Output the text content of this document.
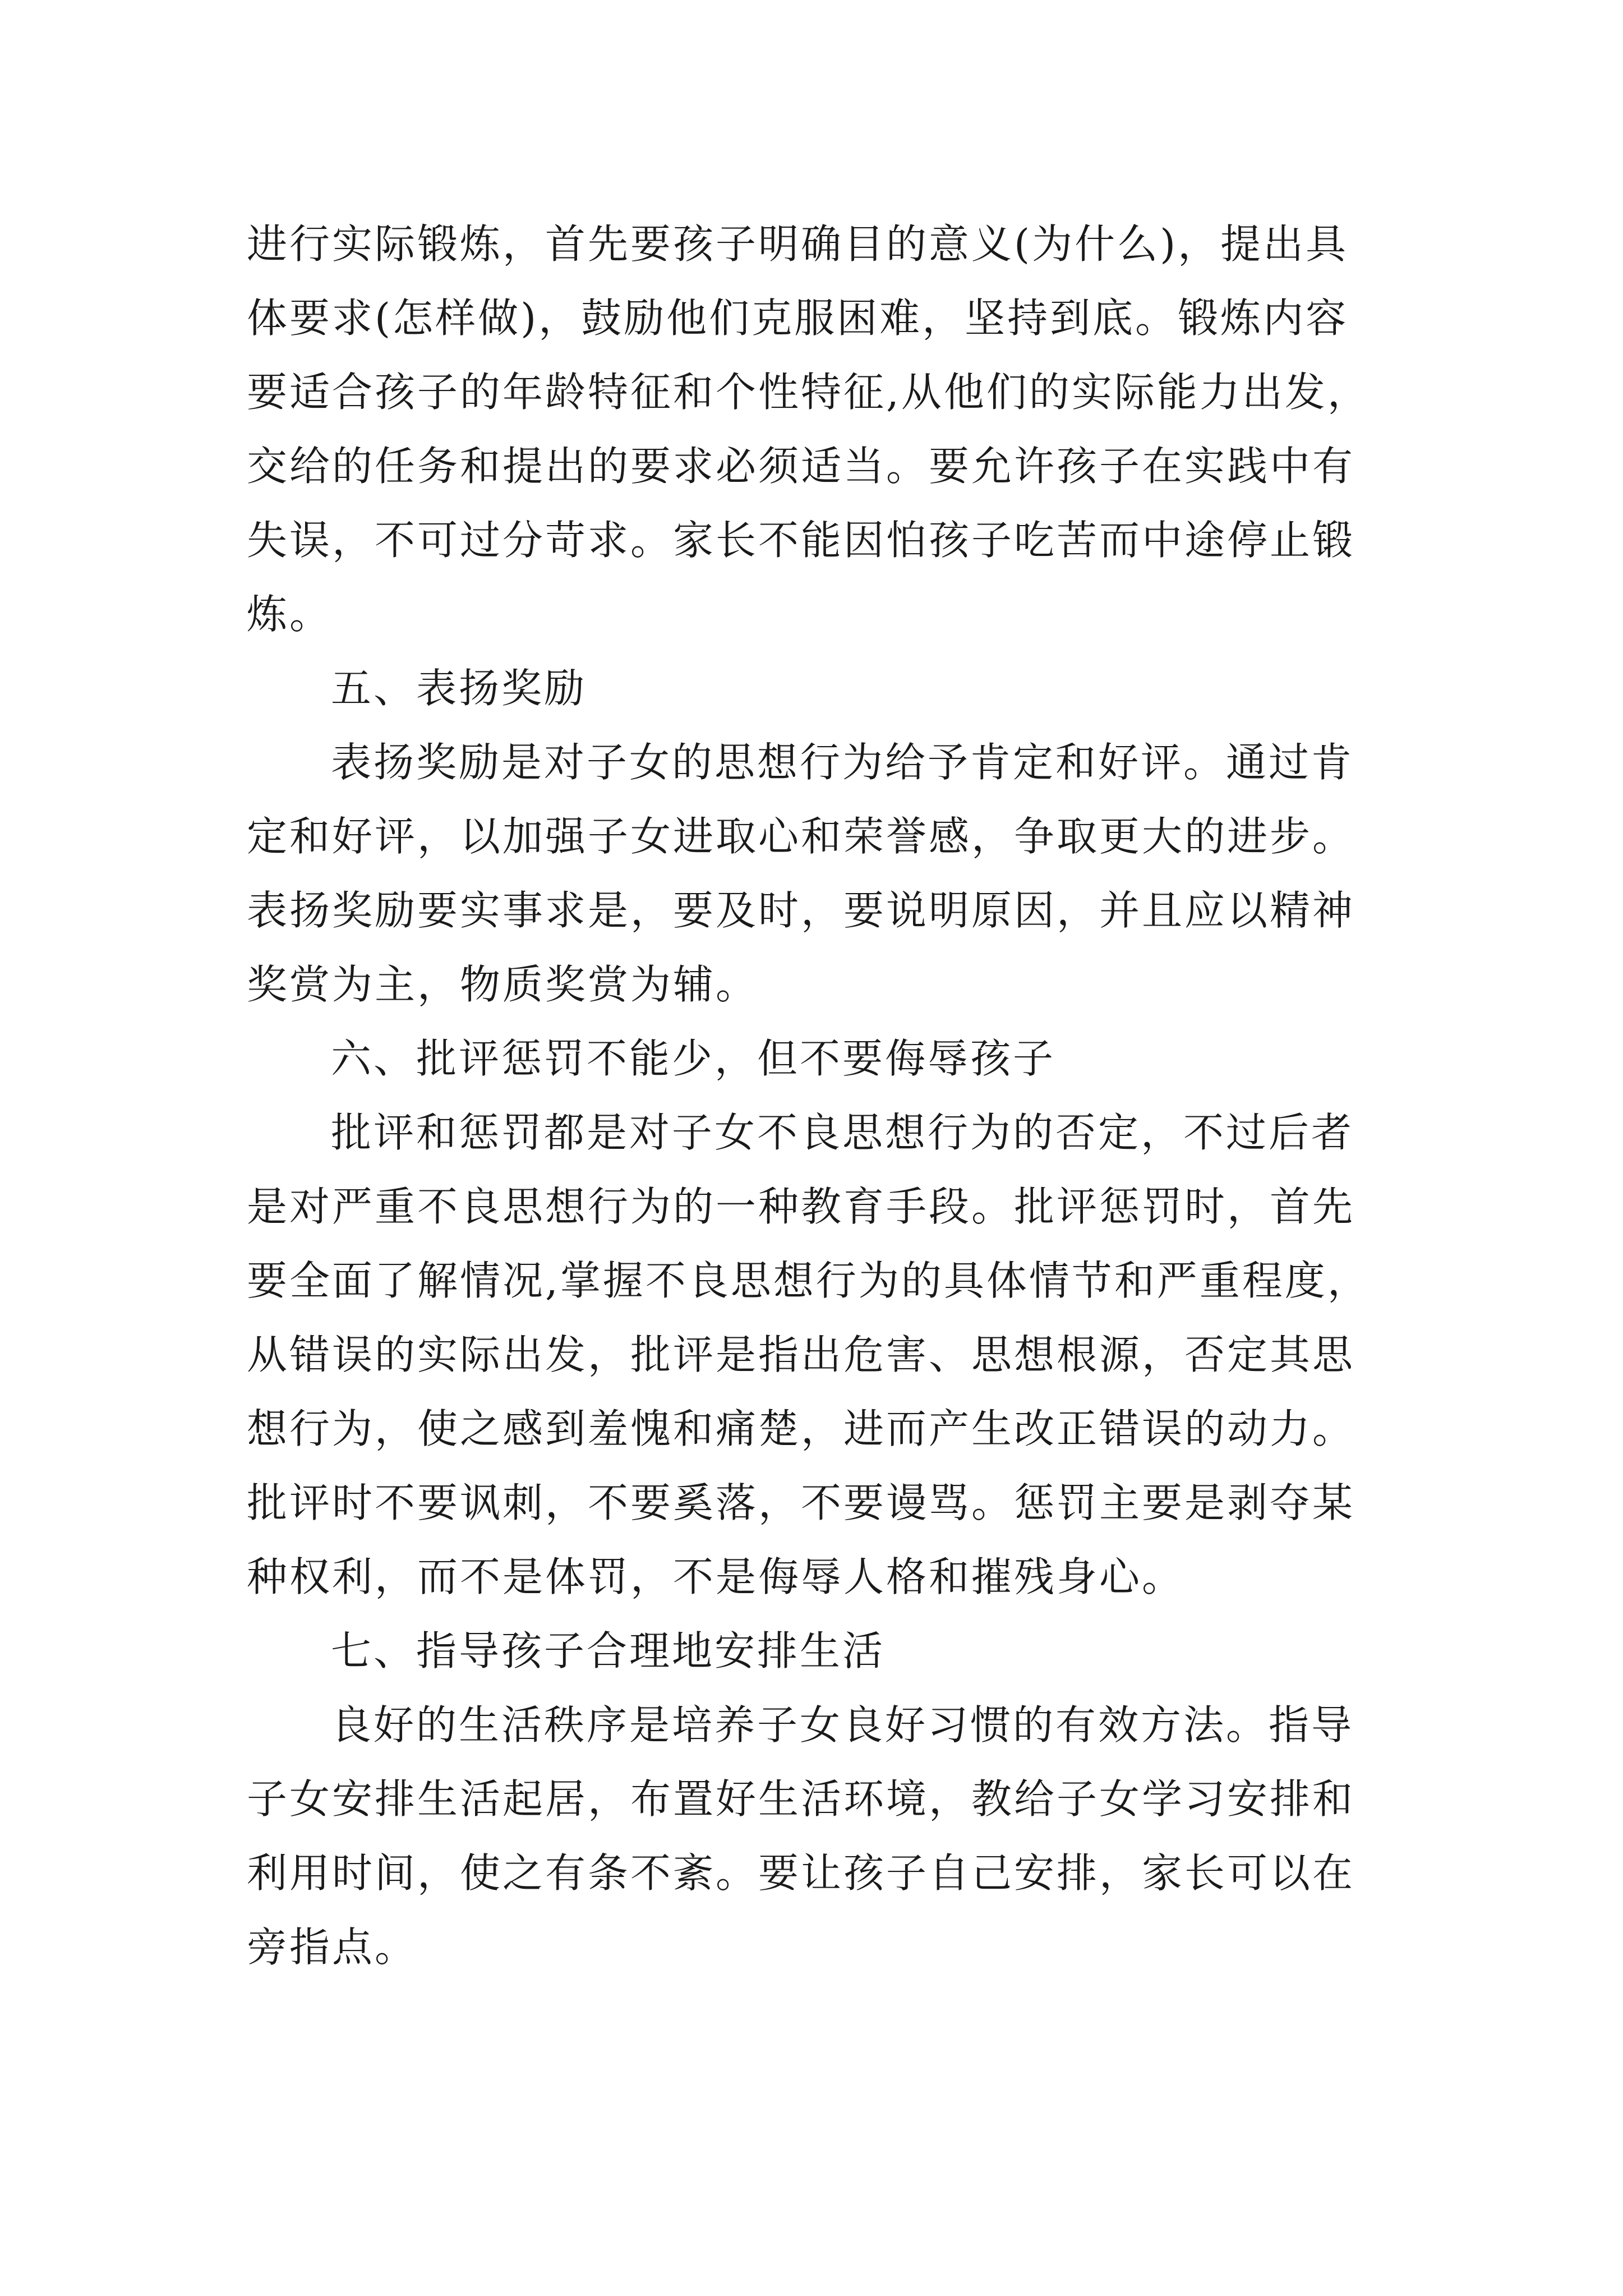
进行实际锻炼，首先要孩子明确目的意义(为什么)，提出具
体要求(怎样做)，鼓励他们克服困难，坚持到底。锻炼内容
要适合孩子的年龄特征和个性特征,从他们的实际能力出发，
交给的任务和提出的要求必须适当。要允许孩子在实践中有
失误，不可过分苛求。家长不能因怕孩子吃苦而中途停止锻
炼。
五、表扬奖励
表扬奖励是对子女的思想行为给予肯定和好评。通过肯
定和好评，以加强子女进取心和荣誉感，争取更大的进步。
表扬奖励要实事求是，要及时，要说明原因，并且应以精神
奖赏为主，物质奖赏为辅。
六、批评惩罚不能少，但不要侮辱孩子
批评和惩罚都是对子女不良思想行为的否定，不过后者
是对严重不良思想行为的一种教育手段。批评惩罚时，首先
要全面了解情况,掌握不良思想行为的具体情节和严重程度，
从错误的实际出发，批评是指出危害、思想根源，否定其思
想行为，使之感到羞愧和痛楚，进而产生改正错误的动力。
批评时不要讽刺，不要奚落，不要谩骂。惩罚主要是剥夺某
种权利，而不是体罚，不是侮辱人格和摧残身心。
七、指导孩子合理地安排生活
良好的生活秩序是培养子女良好习惯的有效方法。指导
子女安排生活起居，布置好生活环境，教给子女学习安排和
利用时间，使之有条不紊。要让孩子自己安排，家长可以在
旁指点。
